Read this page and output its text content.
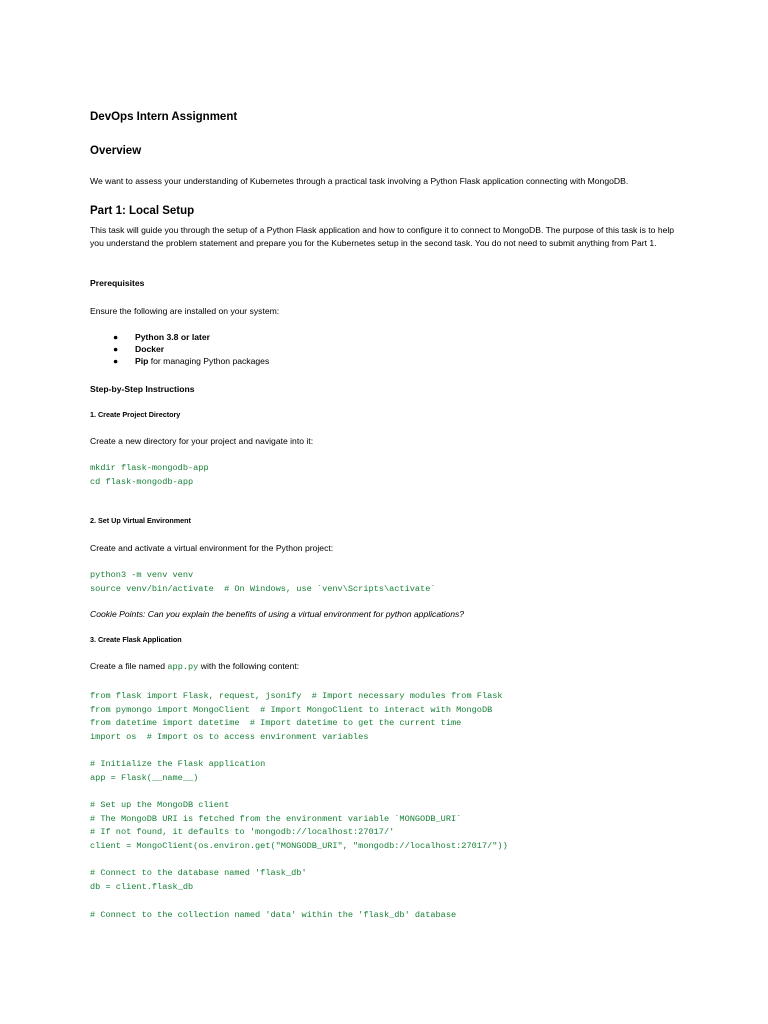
DevOps Intern Assignment
Overview
We want to assess your understanding of Kubernetes through a practical task involving a Python Flask application connecting with MongoDB.
Part 1: Local Setup
This task will guide you through the setup of a Python Flask application and how to configure it to connect to MongoDB. The purpose of this task is to help you understand the problem statement and prepare you for the Kubernetes setup in the second task. You do not need to submit anything from Part 1.
Prerequisites
Ensure the following are installed on your system:
● Python 3.8 or later
● Docker
● Pip for managing Python packages
Step-by-Step Instructions
1. Create Project Directory
Create a new directory for your project and navigate into it:
mkdir flask-mongodb-app
cd flask-mongodb-app
2. Set Up Virtual Environment
Create and activate a virtual environment for the Python project:
python3 -m venv venv
source venv/bin/activate  # On Windows, use `venv\Scripts\activate`
Cookie Points: Can you explain the benefits of using a virtual environment for python applications?
3. Create Flask Application
Create a file named app.py with the following content:
from flask import Flask, request, jsonify  # Import necessary modules from Flask
from pymongo import MongoClient  # Import MongoClient to interact with MongoDB
from datetime import datetime  # Import datetime to get the current time
import os  # Import os to access environment variables
# Initialize the Flask application
app = Flask(__name__)
# Set up the MongoDB client
# The MongoDB URI is fetched from the environment variable `MONGODB_URI`
# If not found, it defaults to 'mongodb://localhost:27017/'
client = MongoClient(os.environ.get("MONGODB_URI", "mongodb://localhost:27017/"))
# Connect to the database named 'flask_db'
db = client.flask_db
# Connect to the collection named 'data' within the 'flask_db' database
